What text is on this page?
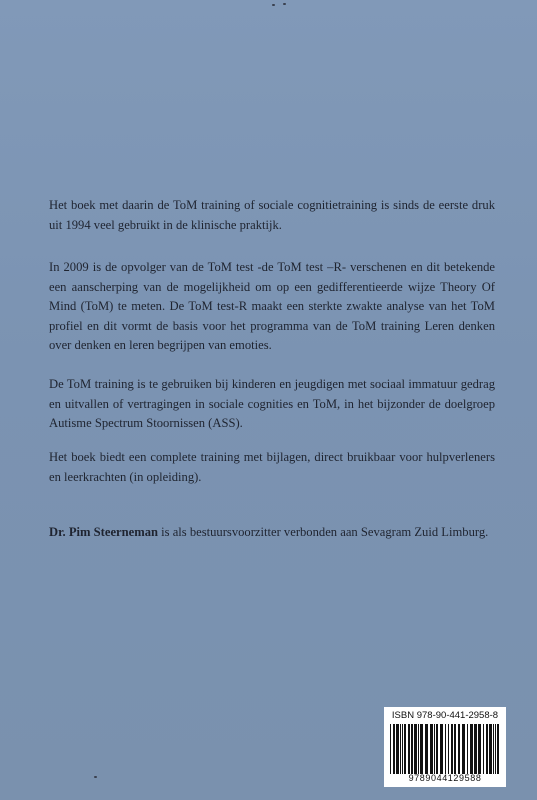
Het boek met daarin de ToM training of sociale cognitietraining is sinds de eerste druk uit 1994 veel gebruikt in de klinische praktijk.

In 2009 is de opvolger van de ToM test -de ToM test –R- verschenen en dit betekende een aanscherping van de mogelijkheid om op een gedifferentieerde wijze Theory Of Mind (ToM) te meten. De ToM test-R maakt een sterkte zwakte analyse van het ToM profiel en dit vormt de basis voor het programma van de ToM training Leren denken over denken en leren begrijpen van emoties.

De ToM training is te gebruiken bij kinderen en jeugdigen met sociaal immatuur gedrag en uitvallen of vertragingen in sociale cognities en ToM, in het bijzonder de doelgroep Autisme Spectrum Stoornissen (ASS).

Het boek biedt een complete training met bijlagen, direct bruikbaar voor hulpverleners en leerkrachten (in opleiding).

Dr. Pim Steerneman is als bestuursvoorzitter verbonden aan Sevagram Zuid Limburg.

ISBN 978-90-441-2958-8
9789044129588
